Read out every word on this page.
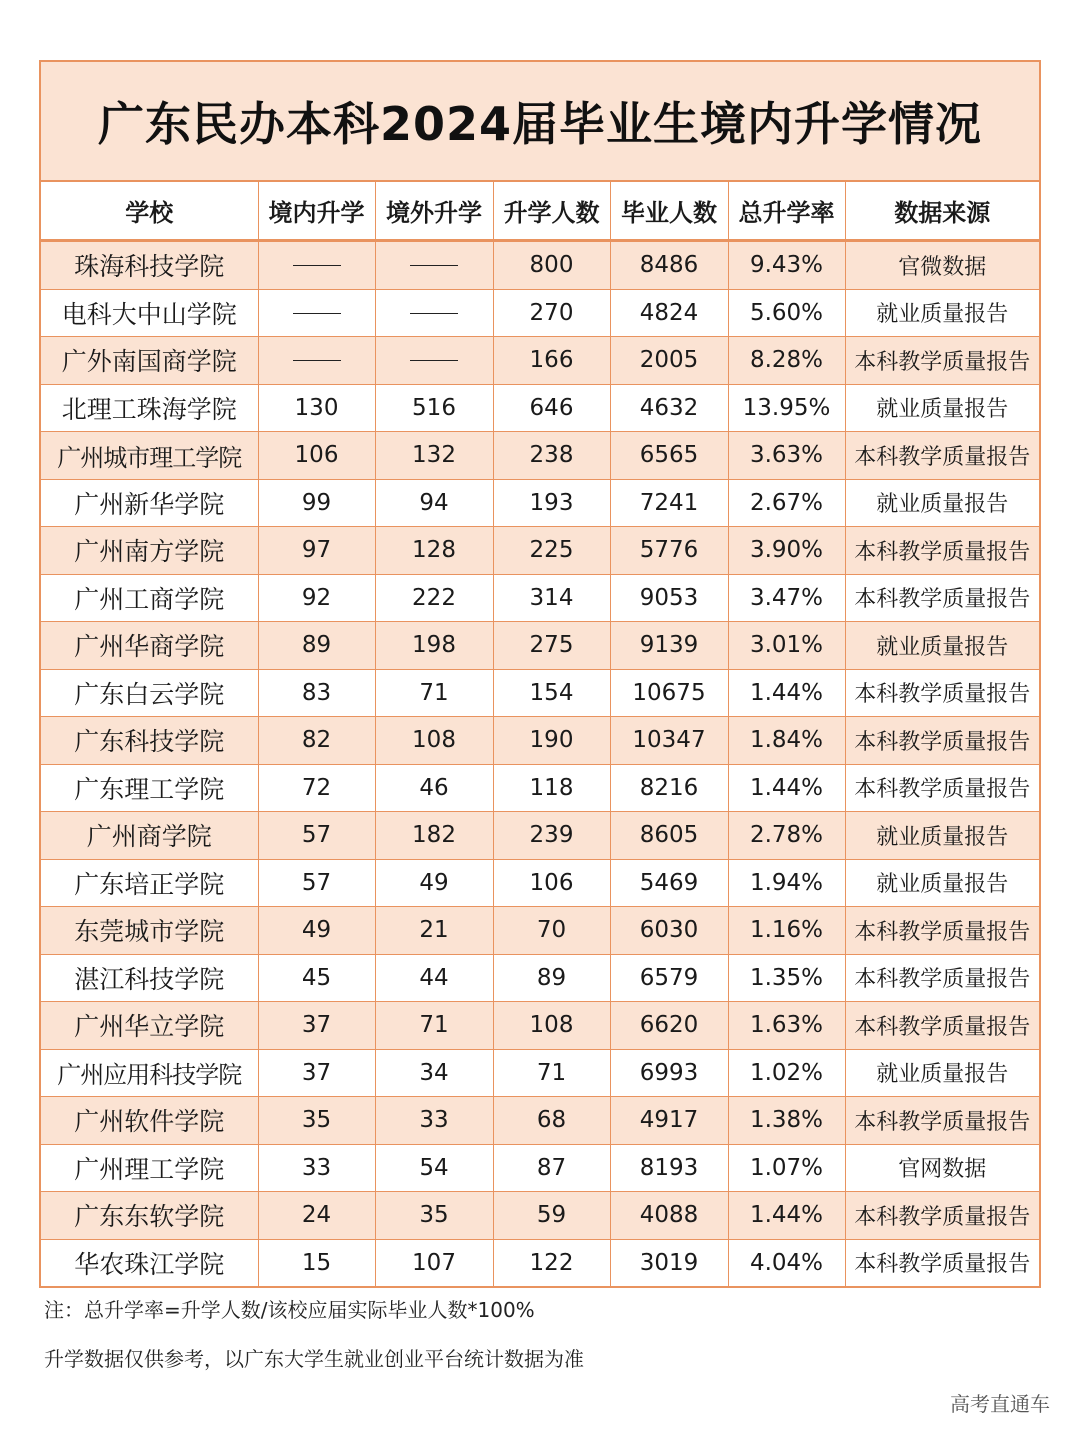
广东民办本科2024届毕业生境内升学情况
学校	境内升学	境外升学	升学人数	毕业人数	总升学率	数据来源
珠海科技学院			800	8486	9.43%	官微数据
电科大中山学院			270	4824	5.60%	就业质量报告
广外南国商学院			166	2005	8.28%	本科教学质量报告
北理工珠海学院	130	516	646	4632	13.95%	就业质量报告
广州城市理工学院	106	132	238	6565	3.63%	本科教学质量报告
广州新华学院	99	94	193	7241	2.67%	就业质量报告
广州南方学院	97	128	225	5776	3.90%	本科教学质量报告
广州工商学院	92	222	314	9053	3.47%	本科教学质量报告
广州华商学院	89	198	275	9139	3.01%	就业质量报告
广东白云学院	83	71	154	10675	1.44%	本科教学质量报告
广东科技学院	82	108	190	10347	1.84%	本科教学质量报告
广东理工学院	72	46	118	8216	1.44%	本科教学质量报告
广州商学院	57	182	239	8605	2.78%	就业质量报告
广东培正学院	57	49	106	5469	1.94%	就业质量报告
东莞城市学院	49	21	70	6030	1.16%	本科教学质量报告
湛江科技学院	45	44	89	6579	1.35%	本科教学质量报告
广州华立学院	37	71	108	6620	1.63%	本科教学质量报告
广州应用科技学院	37	34	71	6993	1.02%	就业质量报告
广州软件学院	35	33	68	4917	1.38%	本科教学质量报告
广州理工学院	33	54	87	8193	1.07%	官网数据
广东东软学院	24	35	59	4088	1.44%	本科教学质量报告
华农珠江学院	15	107	122	3019	4.04%	本科教学质量报告
注：总升学率=升学人数/该校应届实际毕业人数*100%
升学数据仅供参考，以广东大学生就业创业平台统计数据为准
高考直通车
